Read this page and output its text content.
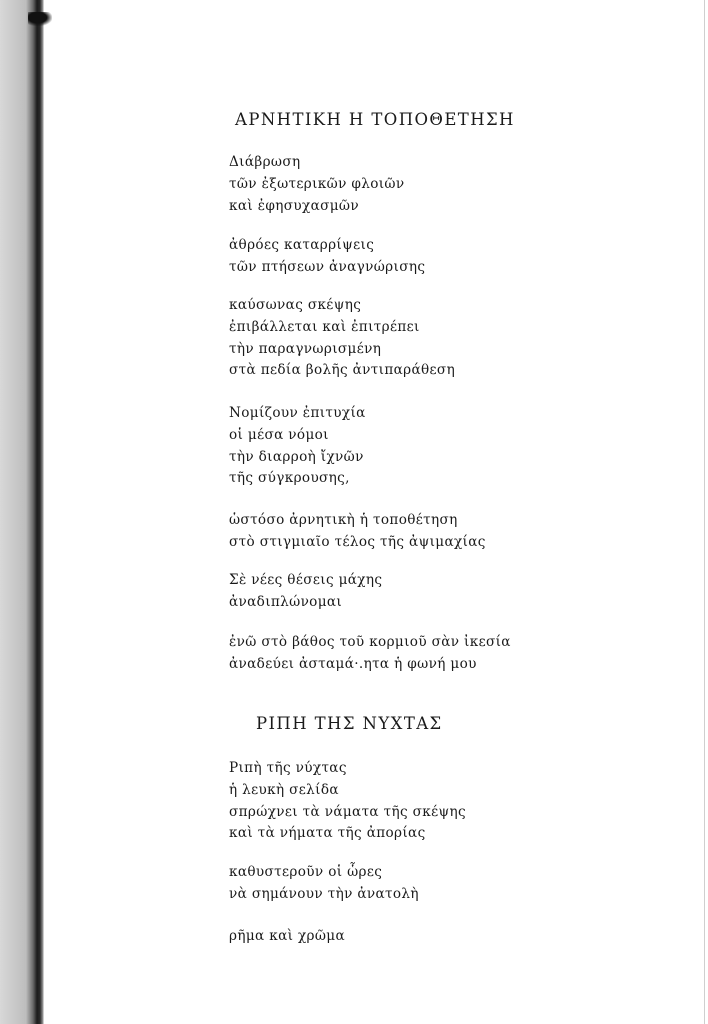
ΑΡΝΗΤΙΚΗ Η ΤΟΠΟΘΕΤΗΣΗ
Διάβρωση
τῶν ἐξωτερικῶν φλοιῶν
καὶ ἐφησυχασμῶν
ἀθρόες καταρρίψεις
τῶν πτήσεων ἀναγνώρισης
καύσωνας σκέψης
ἐπιβάλλεται καὶ ἐπιτρέπει
τὴν παραγνωρισμένη
στὰ πεδία βολῆς ἀντιπαράθεση
Νομίζουν ἐπιτυχία
οἱ μέσα νόμοι
τὴν διαρροὴ ἴχνῶν
τῆς σύγκρουσης,
ὡστόσο ἀρνητικὴ ἡ τοποθέτηση
στὸ στιγμιαῖο τέλος τῆς ἀψιμαχίας
Σὲ νέες θέσεις μάχης
ἀναδιπλώνομαι
ἐνῶ στὸ βάθος τοῦ κορμιοῦ σὰν ἰκεσία
ἀναδεύει ἀσταμά·.ητα ἡ φωνή μου
ΡΙΠΗ ΤΗΣ ΝΥΧΤΑΣ
Ριπὴ τῆς νύχτας
ἡ λευκὴ σελίδα
σπρώχνει τὰ νάματα τῆς σκέψης
καὶ τὰ νήματα τῆς ἀπορίας
καθυστεροῦν οἱ ὧρες
νὰ σημάνουν τὴν ἀνατολὴ
ρῆμα καὶ χρῶμα
